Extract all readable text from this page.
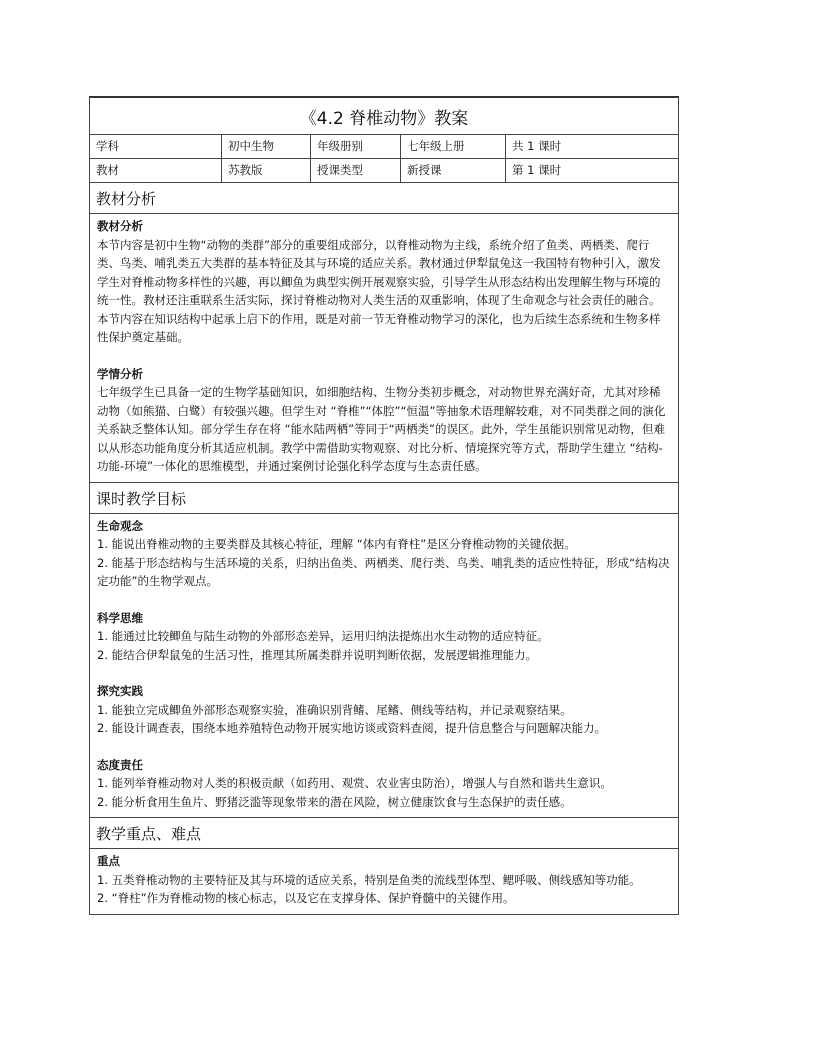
《4.2 脊椎动物》教案
学科	初中生物	年级册别	七年级上册	共 1 课时
教材	苏教版	授课类型	新授课	第 1 课时
教材分析

教材分析

本节内容是初中生物“动物的类群”部分的重要组成部分，以脊椎动物为主线，系统介绍了鱼类、两栖类、爬行类、鸟类、哺乳类五大类群的基本特征及其与环境的适应关系。教材通过伊犁鼠兔这一我国特有物种引入，激发学生对脊椎动物多样性的兴趣，再以鲫鱼为典型实例开展观察实验，引导学生从形态结构出发理解生物与环境的统一性。教材还注重联系生活实际，探讨脊椎动物对人类生活的双重影响，体现了生命观念与社会责任的融合。本节内容在知识结构中起承上启下的作用，既是对前一节无脊椎动物学习的深化，也为后续生态系统和生物多样性保护奠定基础。

学情分析

七年级学生已具备一定的生物学基础知识，如细胞结构、生物分类初步概念，对动物世界充满好奇，尤其对珍稀动物（如熊猫、白鹭）有较强兴趣。但学生对 “脊椎”“体腔”“恒温”等抽象术语理解较难，对不同类群之间的演化关系缺乏整体认知。部分学生存在将 “能水陆两栖”等同于“两栖类”的误区。此外，学生虽能识别常见动物，但难以从形态功能角度分析其适应机制。教学中需借助实物观察、对比分析、情境探究等方式，帮助学生建立 “结构-功能-环境”一体化的思维模型，并通过案例讨论强化科学态度与生态责任感。

课时教学目标

生命观念

1. 能说出脊椎动物的主要类群及其核心特征，理解 “体内有脊柱”是区分脊椎动物的关键依据。

2. 能基于形态结构与生活环境的关系，归纳出鱼类、两栖类、爬行类、鸟类、哺乳类的适应性特征，形成“结构决定功能”的生物学观点。

科学思维

1. 能通过比较鲫鱼与陆生动物的外部形态差异，运用归纳法提炼出水生动物的适应特征。

2. 能结合伊犁鼠兔的生活习性，推理其所属类群并说明判断依据，发展逻辑推理能力。

探究实践

1. 能独立完成鲫鱼外部形态观察实验，准确识别背鳍、尾鳍、侧线等结构，并记录观察结果。

2. 能设计调查表，围绕本地养殖特色动物开展实地访谈或资料查阅，提升信息整合与问题解决能力。

态度责任

1. 能列举脊椎动物对人类的积极贡献（如药用、观赏、农业害虫防治），增强人与自然和谐共生意识。

2. 能分析食用生鱼片、野猪泛滥等现象带来的潜在风险，树立健康饮食与生态保护的责任感。

教学重点、难点

重点

1. 五类脊椎动物的主要特征及其与环境的适应关系，特别是鱼类的流线型体型、鳃呼吸、侧线感知等功能。

2. “脊柱”作为脊椎动物的核心标志，以及它在支撑身体、保护脊髓中的关键作用。
